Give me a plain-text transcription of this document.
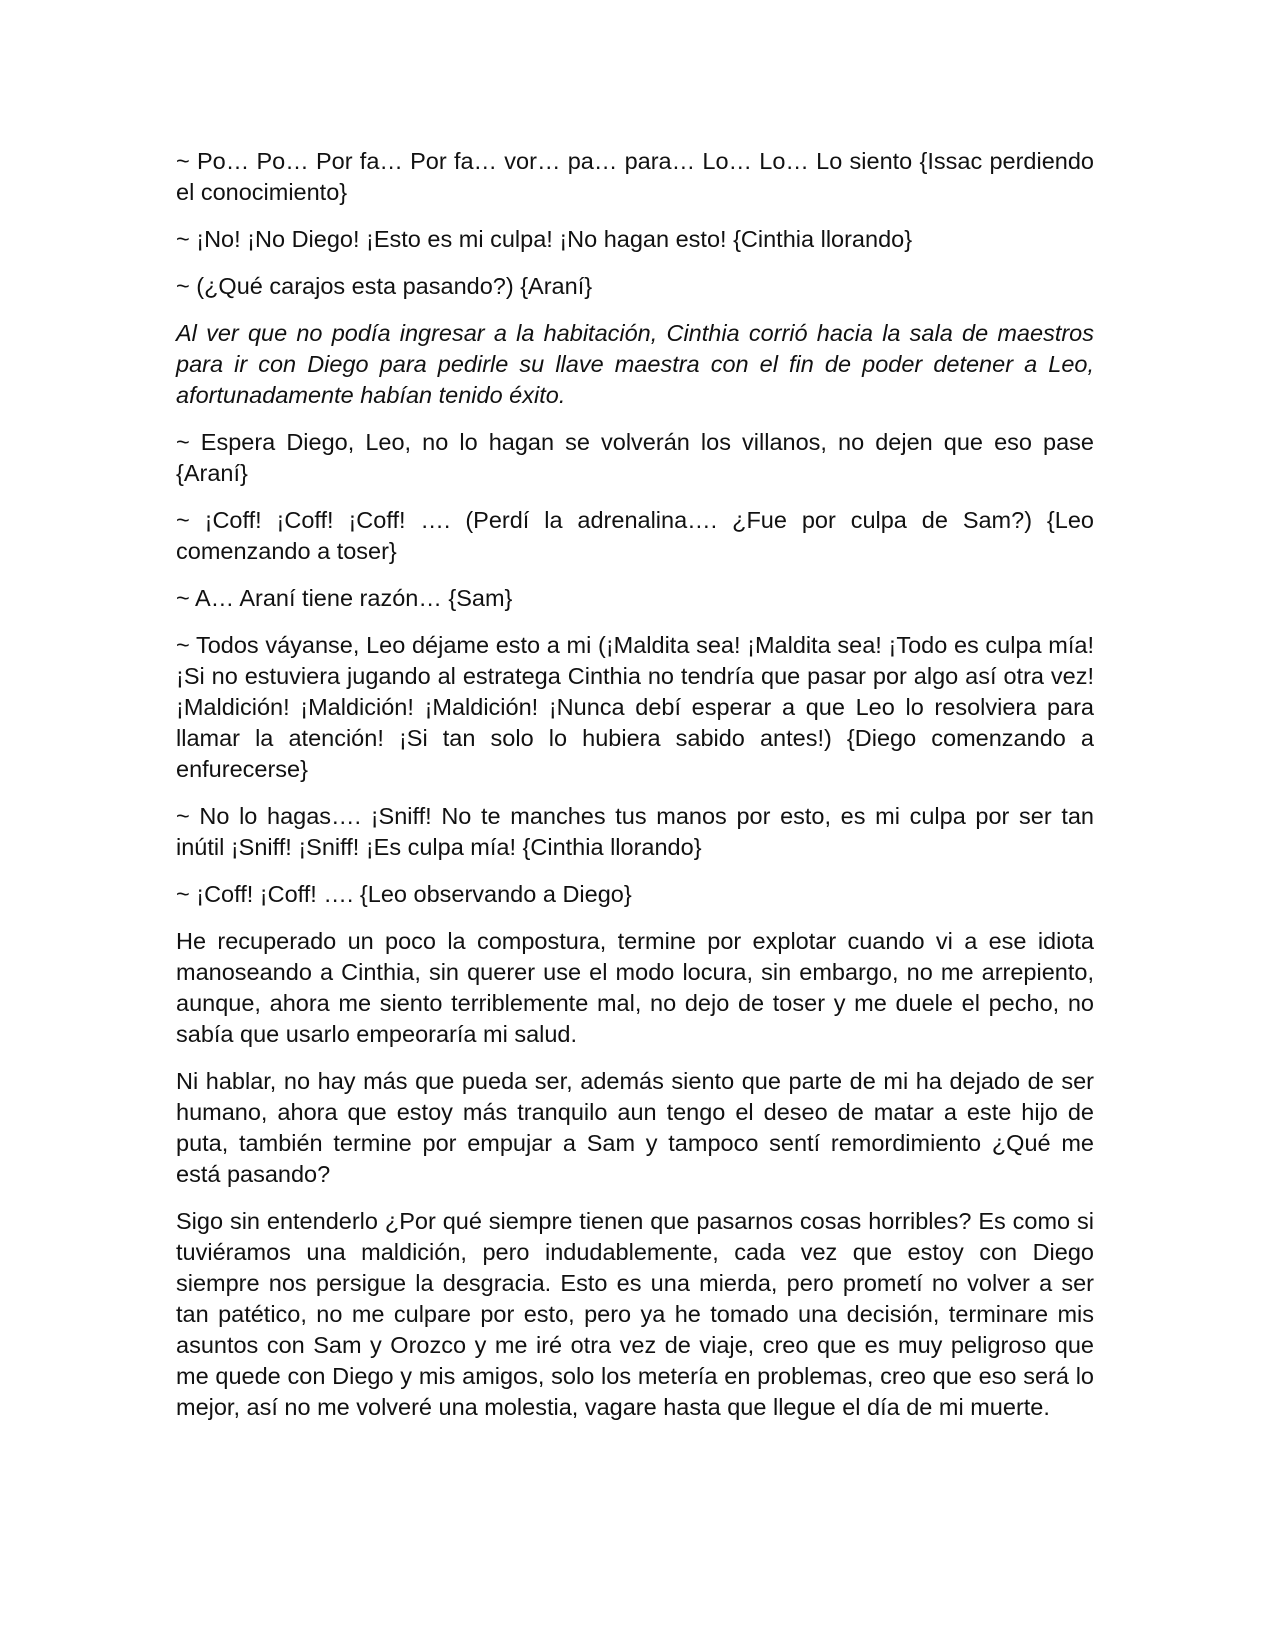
~ Po… Po… Por fa… Por fa… vor… pa… para… Lo… Lo… Lo siento {Issac perdiendo el conocimiento}

~ ¡No! ¡No Diego! ¡Esto es mi culpa! ¡No hagan esto! {Cinthia llorando}

~ (¿Qué carajos esta pasando?) {Araní}

Al ver que no podía ingresar a la habitación, Cinthia corrió hacia la sala de maestros para ir con Diego para pedirle su llave maestra con el fin de poder detener a Leo, afortunadamente habían tenido éxito.

~ Espera Diego, Leo, no lo hagan se volverán los villanos, no dejen que eso pase {Araní}

~ ¡Coff! ¡Coff! ¡Coff! …. (Perdí la adrenalina…. ¿Fue por culpa de Sam?) {Leo comenzando a toser}

~ A… Araní tiene razón… {Sam}

~ Todos váyanse, Leo déjame esto a mi (¡Maldita sea! ¡Maldita sea! ¡Todo es culpa mía! ¡Si no estuviera jugando al estratega Cinthia no tendría que pasar por algo así otra vez! ¡Maldición! ¡Maldición! ¡Maldición! ¡Nunca debí esperar a que Leo lo resolviera para llamar la atención! ¡Si tan solo lo hubiera sabido antes!) {Diego comenzando a enfurecerse}

~ No lo hagas…. ¡Sniff! No te manches tus manos por esto, es mi culpa por ser tan inútil ¡Sniff! ¡Sniff! ¡Es culpa mía! {Cinthia llorando}

~ ¡Coff! ¡Coff! …. {Leo observando a Diego}

He recuperado un poco la compostura, termine por explotar cuando vi a ese idiota manoseando a Cinthia, sin querer use el modo locura, sin embargo, no me arrepiento, aunque, ahora me siento terriblemente mal, no dejo de toser y me duele el pecho, no sabía que usarlo empeoraría mi salud.

Ni hablar, no hay más que pueda ser, además siento que parte de mi ha dejado de ser humano, ahora que estoy más tranquilo aun tengo el deseo de matar a este hijo de puta, también termine por empujar a Sam y tampoco sentí remordimiento ¿Qué me está pasando?

Sigo sin entenderlo ¿Por qué siempre tienen que pasarnos cosas horribles? Es como si tuviéramos una maldición, pero indudablemente, cada vez que estoy con Diego siempre nos persigue la desgracia. Esto es una mierda, pero prometí no volver a ser tan patético, no me culpare por esto, pero ya he tomado una decisión, terminare mis asuntos con Sam y Orozco y me iré otra vez de viaje, creo que es muy peligroso que me quede con Diego y mis amigos, solo los metería en problemas, creo que eso será lo mejor, así no me volveré una molestia, vagare hasta que llegue el día de mi muerte.
